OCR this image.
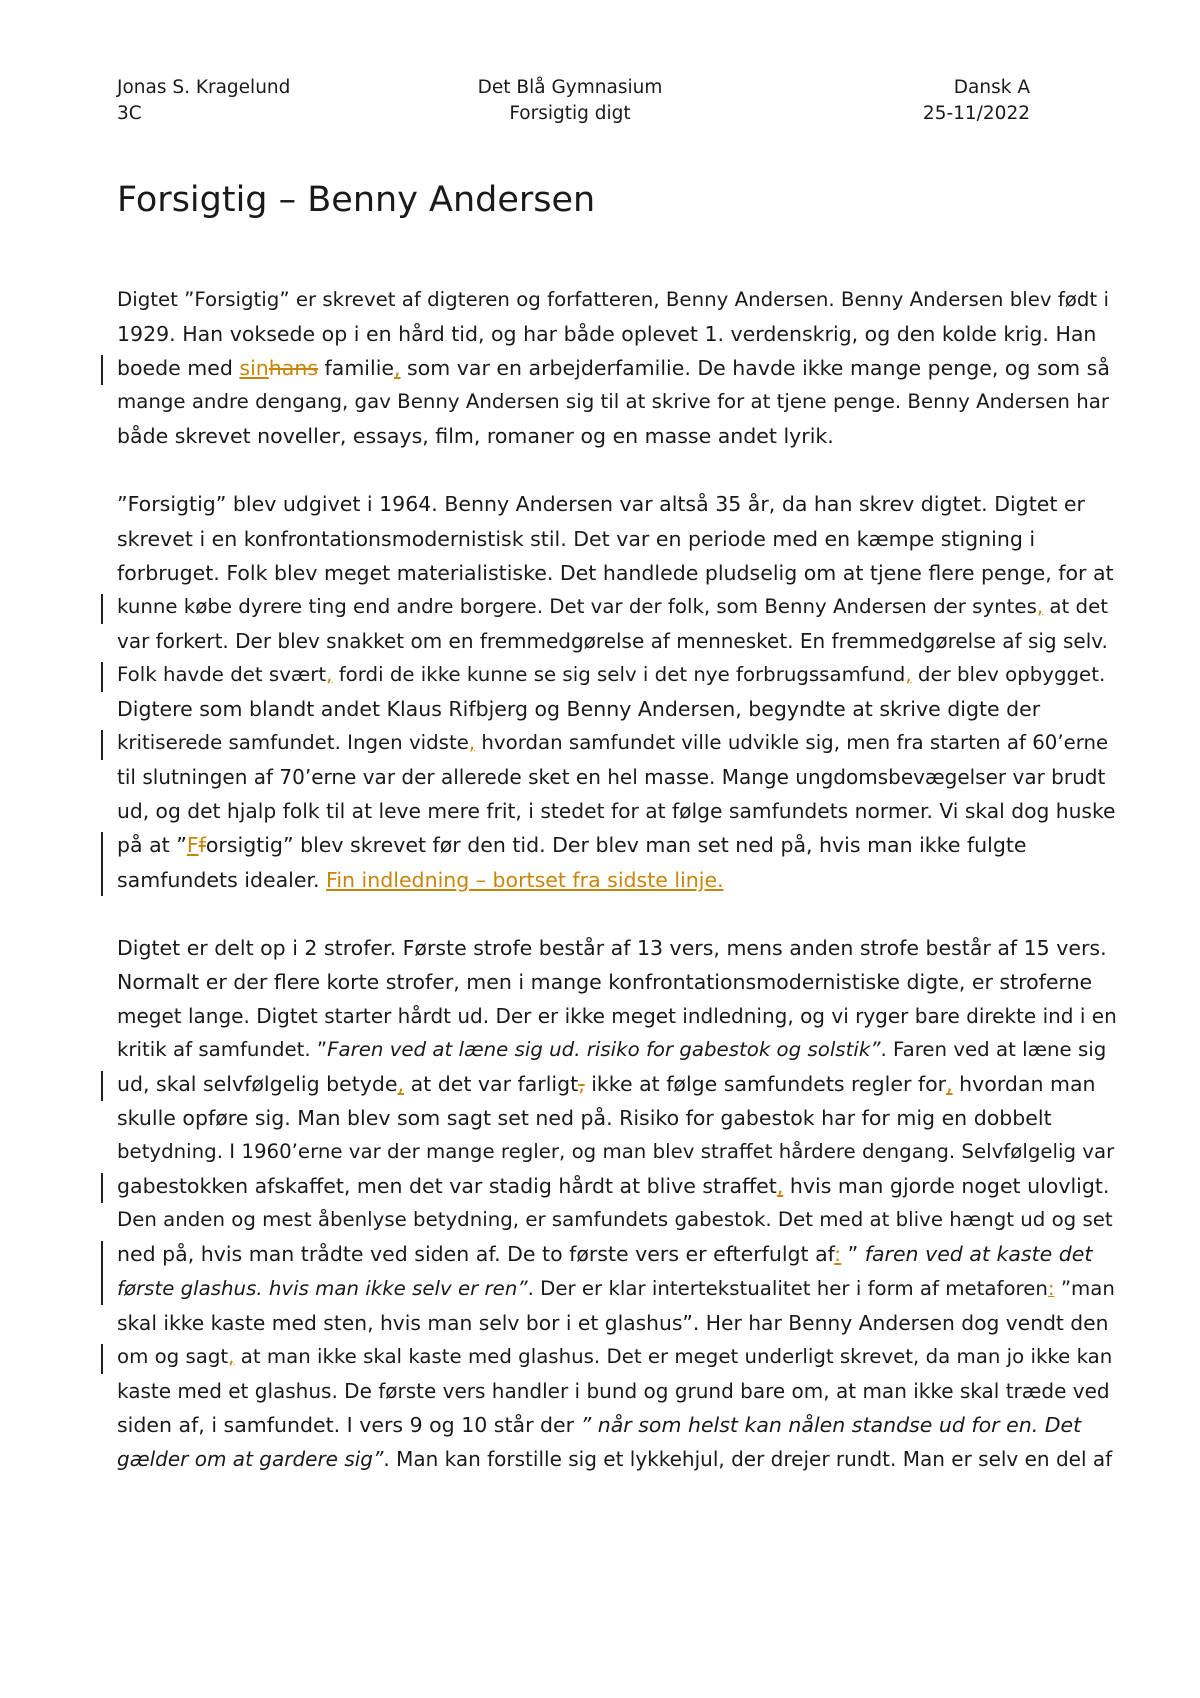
Jonas S. Kragelund
3C
Det Blå Gymnasium
Forsigtig digt
Dansk A
25-11/2022
Forsigtig – Benny Andersen
Digtet ”Forsigtig” er skrevet af digteren og forfatteren, Benny Andersen. Benny Andersen blev født i
1929. Han voksede op i en hård tid, og har både oplevet 1. verdenskrig, og den kolde krig. Han
boede med sinhans familie, som var en arbejderfamilie. De havde ikke mange penge, og som så
mange andre dengang, gav Benny Andersen sig til at skrive for at tjene penge. Benny Andersen har
både skrevet noveller, essays, film, romaner og en masse andet lyrik.
”Forsigtig” blev udgivet i 1964. Benny Andersen var altså 35 år, da han skrev digtet. Digtet er
skrevet i en konfrontationsmodernistisk stil. Det var en periode med en kæmpe stigning i
forbruget. Folk blev meget materialistiske. Det handlede pludselig om at tjene flere penge, for at
kunne købe dyrere ting end andre borgere. Det var der folk, som Benny Andersen der syntes, at det
var forkert. Der blev snakket om en fremmedgørelse af mennesket. En fremmedgørelse af sig selv.
Folk havde det svært, fordi de ikke kunne se sig selv i det nye forbrugssamfund, der blev opbygget.
Digtere som blandt andet Klaus Rifbjerg og Benny Andersen, begyndte at skrive digte der
kritiserede samfundet. Ingen vidste, hvordan samfundet ville udvikle sig, men fra starten af 60’erne
til slutningen af 70’erne var der allerede sket en hel masse. Mange ungdomsbevægelser var brudt
ud, og det hjalp folk til at leve mere frit, i stedet for at følge samfundets normer. Vi skal dog huske
på at ”Fforsigtig” blev skrevet før den tid. Der blev man set ned på, hvis man ikke fulgte
samfundets idealer. Fin indledning – bortset fra sidste linje.
Digtet er delt op i 2 strofer. Første strofe består af 13 vers, mens anden strofe består af 15 vers.
Normalt er der flere korte strofer, men i mange konfrontationsmodernistiske digte, er stroferne
meget lange. Digtet starter hårdt ud. Der er ikke meget indledning, og vi ryger bare direkte ind i en
kritik af samfundet. ”Faren ved at læne sig ud. risiko for gabestok og solstik”. Faren ved at læne sig
ud, skal selvfølgelig betyde, at det var farligt, ikke at følge samfundets regler for, hvordan man
skulle opføre sig. Man blev som sagt set ned på. Risiko for gabestok har for mig en dobbelt
betydning. I 1960’erne var der mange regler, og man blev straffet hårdere dengang. Selvfølgelig var
gabestokken afskaffet, men det var stadig hårdt at blive straffet, hvis man gjorde noget ulovligt.
Den anden og mest åbenlyse betydning, er samfundets gabestok. Det med at blive hængt ud og set
ned på, hvis man trådte ved siden af. De to første vers er efterfulgt af: ” faren ved at kaste det
første glashus. hvis man ikke selv er ren”. Der er klar intertekstualitet her i form af metaforen: ”man
skal ikke kaste med sten, hvis man selv bor i et glashus”. Her har Benny Andersen dog vendt den
om og sagt, at man ikke skal kaste med glashus. Det er meget underligt skrevet, da man jo ikke kan
kaste med et glashus. De første vers handler i bund og grund bare om, at man ikke skal træde ved
siden af, i samfundet. I vers 9 og 10 står der ” når som helst kan nålen standse ud for en. Det
gælder om at gardere sig”. Man kan forstille sig et lykkehjul, der drejer rundt. Man er selv en del af
